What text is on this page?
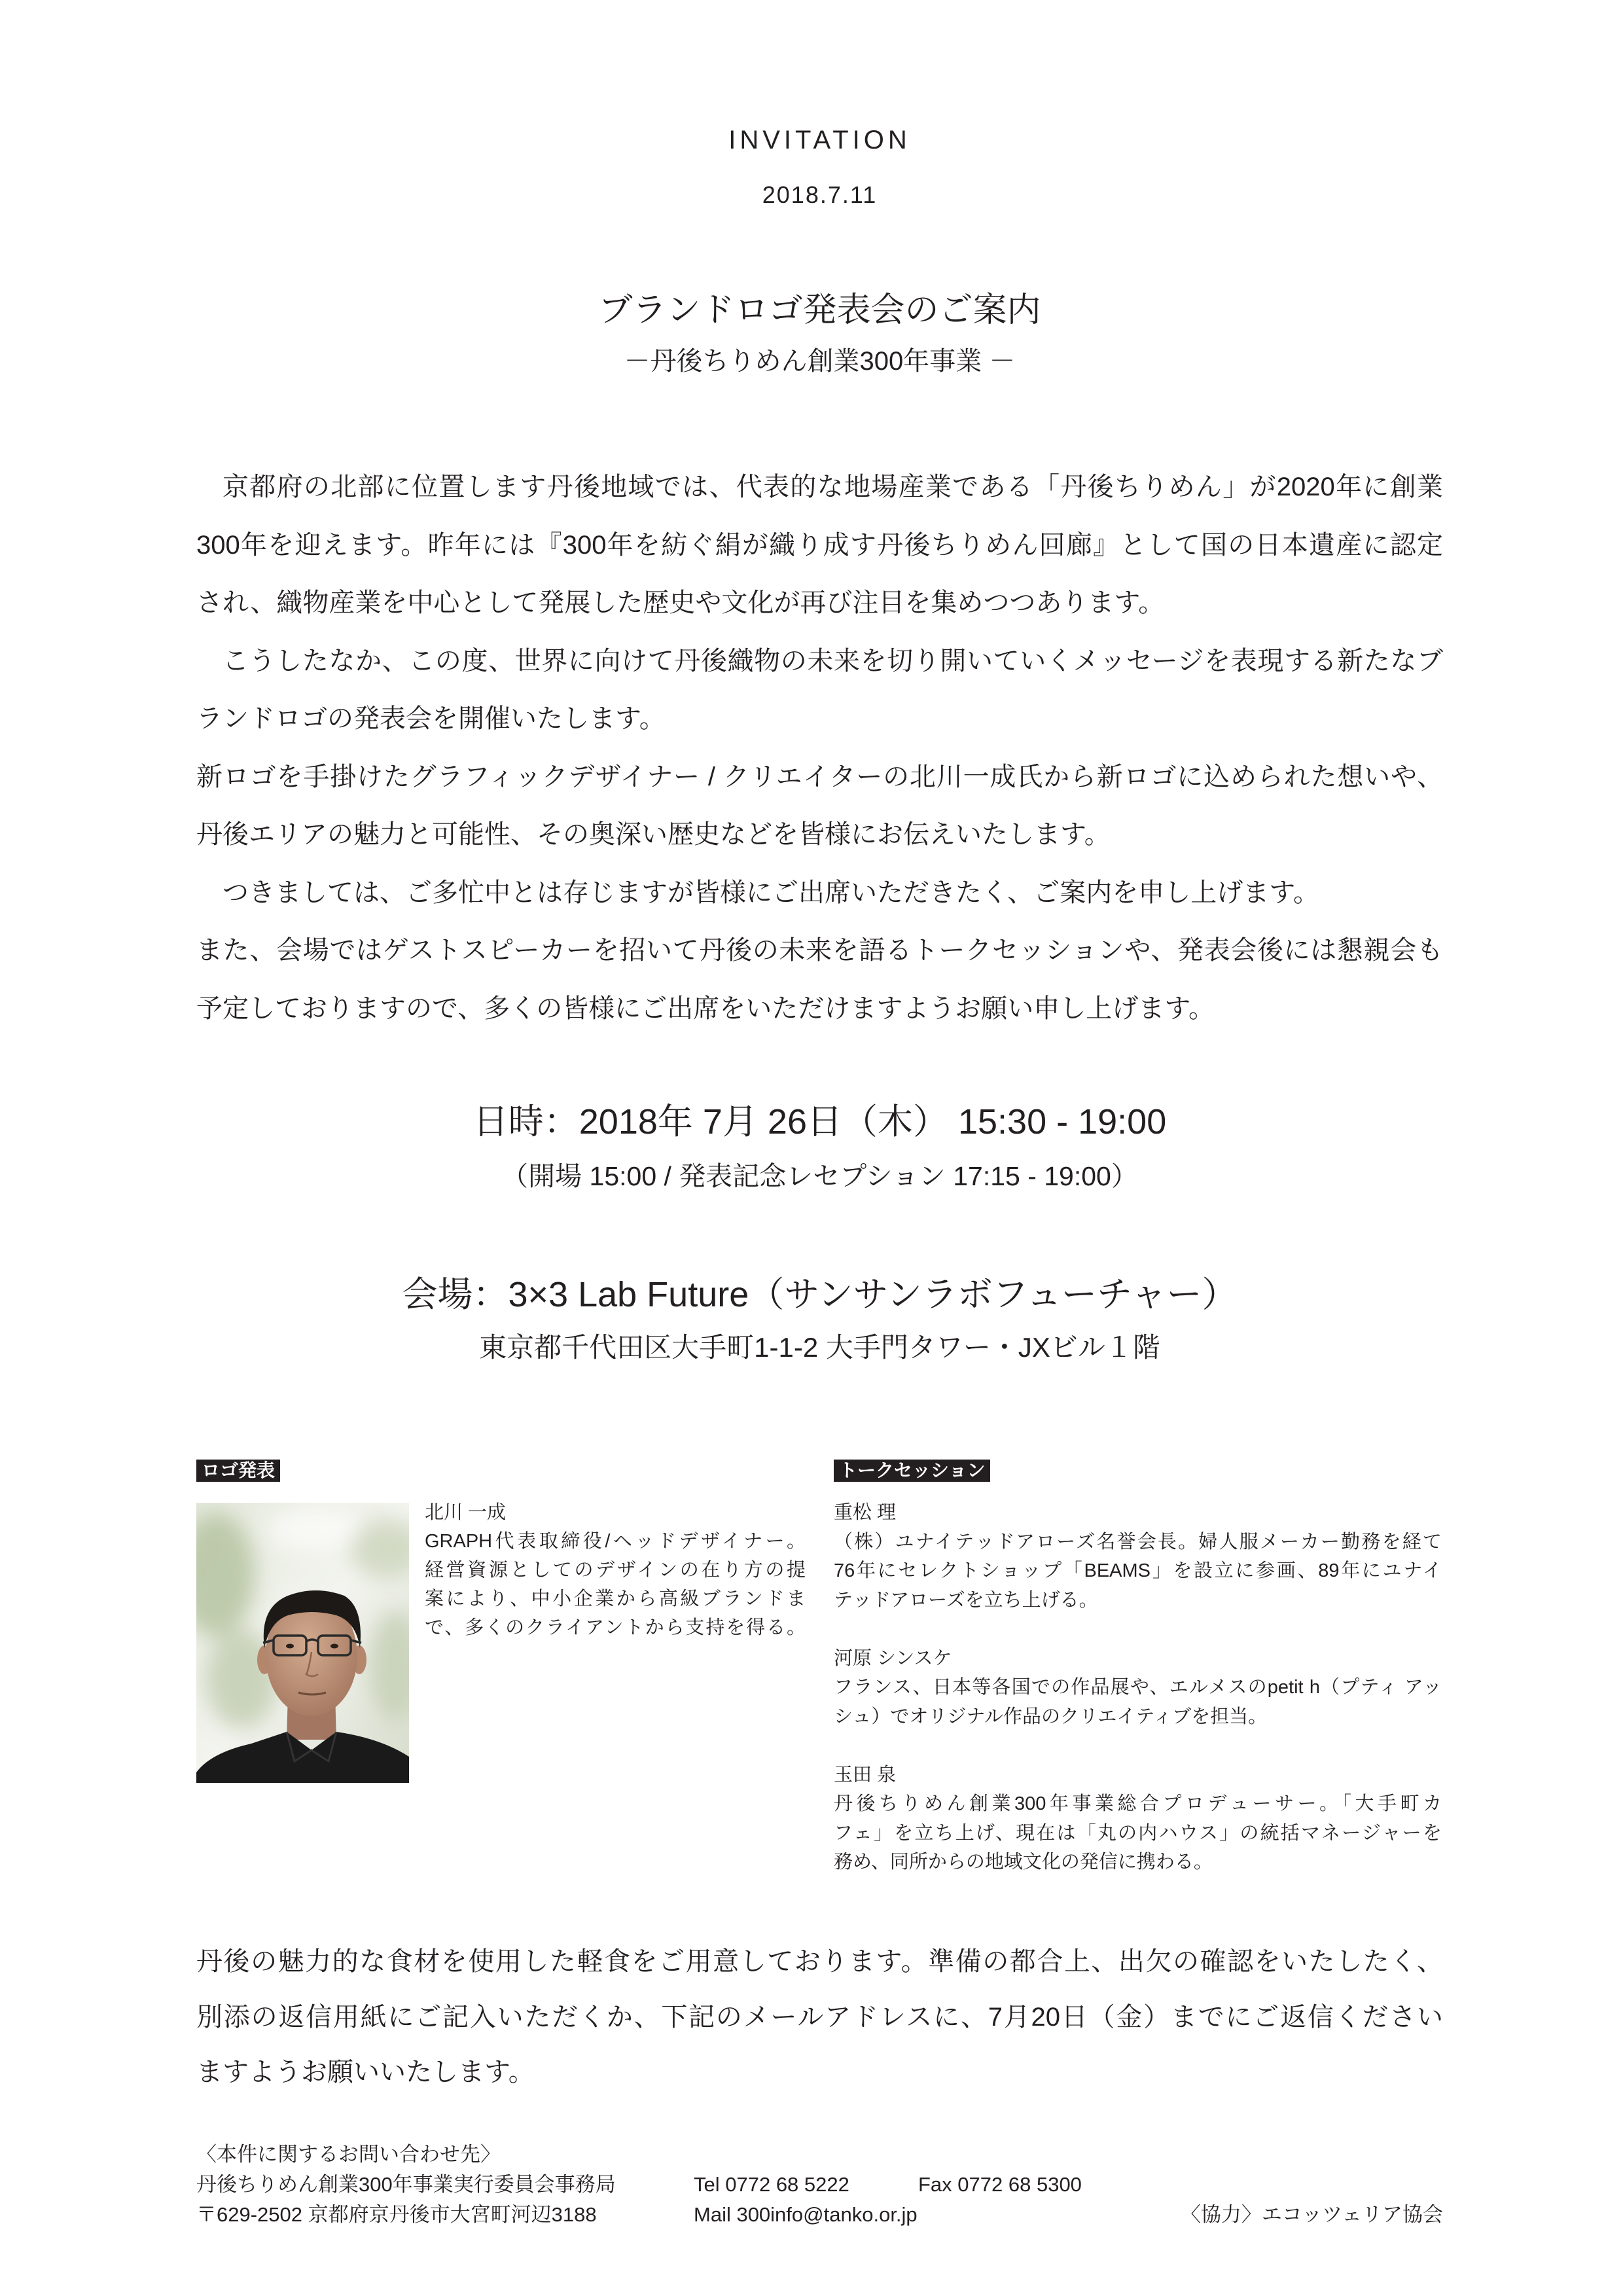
INVITATION
2018.7.11
ブランドロゴ発表会のご案内
－丹後ちりめん創業300年事業 －
京都府の北部に位置します丹後地域では、代表的な地場産業である「丹後ちりめん」が2020年に創業
300年を迎えます。昨年には『300年を紡ぐ絹が織り成す丹後ちりめん回廊』として国の日本遺産に認定
され、織物産業を中心として発展した歴史や文化が再び注目を集めつつあります。
こうしたなか、この度、世界に向けて丹後織物の未来を切り開いていくメッセージを表現する新たなブ
ランドロゴの発表会を開催いたします。
新ロゴを手掛けたグラフィックデザイナー / クリエイターの北川一成氏から新ロゴに込められた想いや、
丹後エリアの魅力と可能性、その奥深い歴史などを皆様にお伝えいたします。
つきましては、ご多忙中とは存じますが皆様にご出席いただきたく、ご案内を申し上げます。
また、会場ではゲストスピーカーを招いて丹後の未来を語るトークセッションや、発表会後には懇親会も
予定しておりますので、多くの皆様にご出席をいただけますようお願い申し上げます。
日時：2018年 7月 26日（木） 15:30 - 19:00
（開場 15:00 / 発表記念レセプション 17:15 - 19:00）
会場：3×3 Lab Future（サンサンラボフューチャー）
東京都千代田区大手町1-1-2 大手門タワー・JXビル１階
ロゴ発表	トークセッション
北川 一成
GRAPH代表取締役/ヘッドデザイナー。
経営資源としてのデザインの在り方の提
案により、中小企業から高級ブランドま
で、多くのクライアントから支持を得る。
重松 理
（株）ユナイテッドアローズ名誉会長。婦人服メーカー勤務を経て
76年にセレクトショップ「BEAMS」を設立に参画、89年にユナイ
テッドアローズを立ち上げる。
河原 シンスケ
フランス、日本等各国での作品展や、エルメスのpetit h（プティ アッ
シュ）でオリジナル作品のクリエイティブを担当。
玉田 泉
丹後ちりめん創業300年事業総合プロデューサー。「大手町カ
フェ」を立ち上げ、現在は「丸の内ハウス」の統括マネージャーを
務め、同所からの地域文化の発信に携わる。
丹後の魅力的な食材を使用した軽食をご用意しております。準備の都合上、出欠の確認をいたしたく、
別添の返信用紙にご記入いただくか、下記のメールアドレスに、7月20日（金）までにご返信ください
ますようお願いいたします。
〈本件に関するお問い合わせ先〉
丹後ちりめん創業300年事業実行委員会事務局	Tel 0772 68 5222	Fax 0772 68 5300
〒629-2502 京都府京丹後市大宮町河辺3188	Mail 300info@tanko.or.jp	〈協力〉エコッツェリア協会
